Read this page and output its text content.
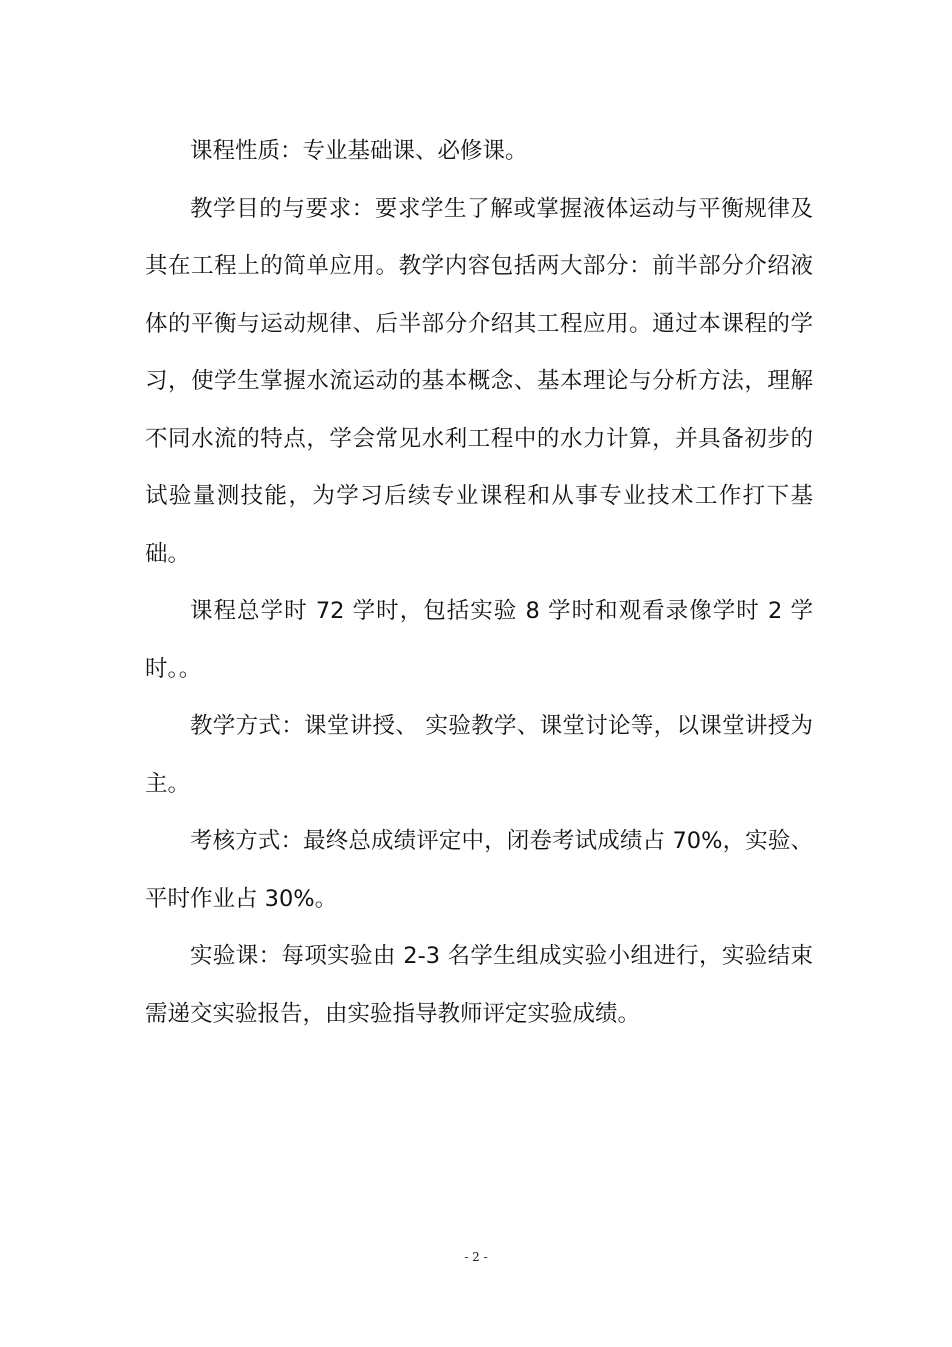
课程性质：专业基础课、必修课。

教学目的与要求：要求学生了解或掌握液体运动与平衡规律及其在工程上的简单应用。教学内容包括两大部分：前半部分介绍液体的平衡与运动规律、后半部分介绍其工程应用。通过本课程的学习，使学生掌握水流运动的基本概念、基本理论与分析方法，理解不同水流的特点，学会常见水利工程中的水力计算，并具备初步的试验量测技能，为学习后续专业课程和从事专业技术工作打下基础。

课程总学时 72 学时，包括实验 8 学时和观看录像学时 2 学时。。

教学方式：课堂讲授、 实验教学、课堂讨论等，以课堂讲授为主。

考核方式：最终总成绩评定中，闭卷考试成绩占 70%，实验、平时作业占 30%。

实验课：每项实验由 2-3 名学生组成实验小组进行，实验结束需递交实验报告，由实验指导教师评定实验成绩。

- 2 -
